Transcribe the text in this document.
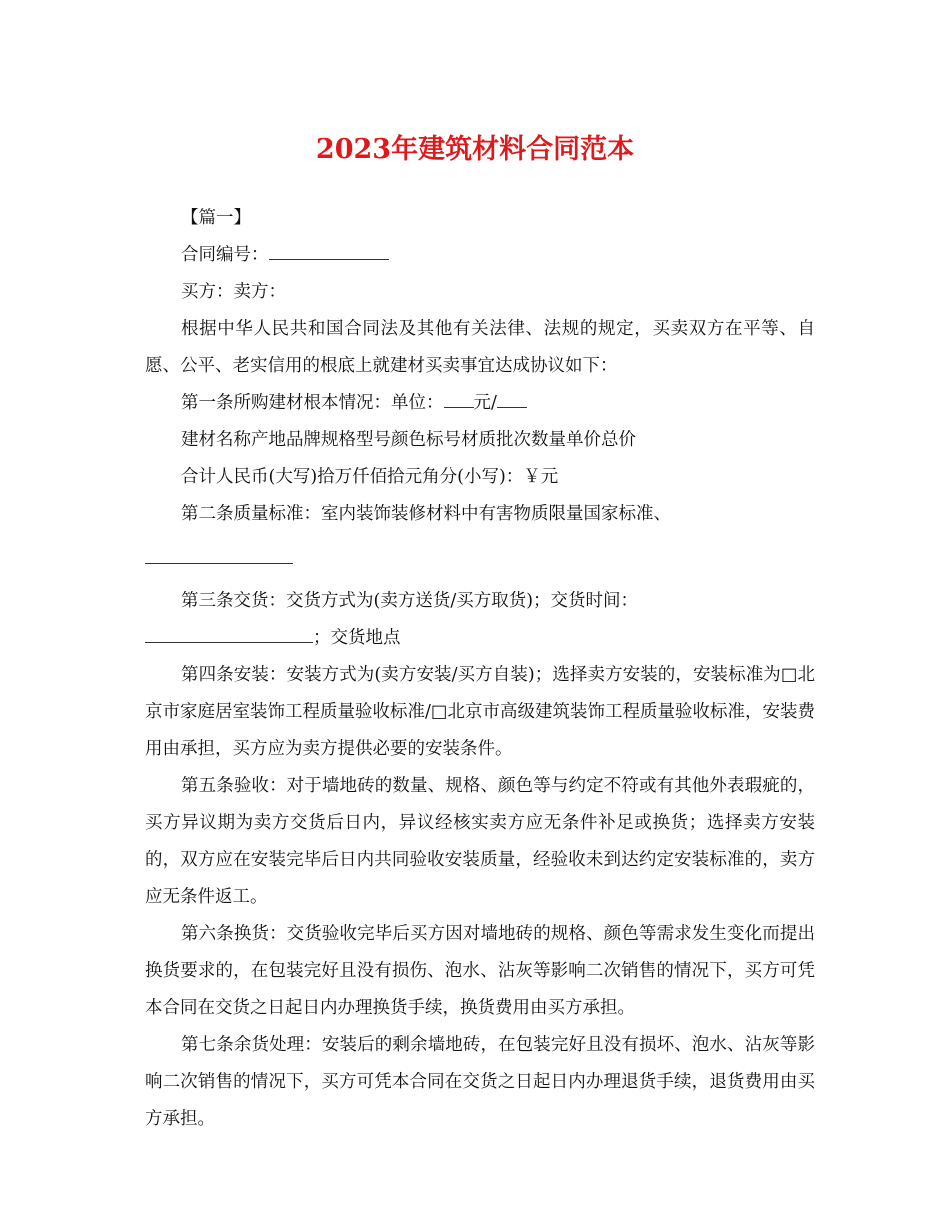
2023年建筑材料合同范本

【篇一】

合同编号：

买方：卖方：

根据中华人民共和国合同法及其他有关法律、法规的规定，买卖双方在平等、自愿、公平、老实信用的根底上就建材买卖事宜达成协议如下：

第一条所购建材根本情况：单位： 元/

建材名称产地品牌规格型号颜色标号材质批次数量单价总价

合计人民币(大写)拾万仟佰拾元角分(小写)：￥元

第二条质量标准：室内装饰装修材料中有害物质限量国家标准、

第三条交货：交货方式为(卖方送货/买方取货)；交货时间：

；交货地点

第四条安装：安装方式为(卖方安装/买方自装)；选择卖方安装的，安装标准为□北京市家庭居室装饰工程质量验收标准/□北京市高级建筑装饰工程质量验收标准，安装费用由承担，买方应为卖方提供必要的安装条件。

第五条验收：对于墙地砖的数量、规格、颜色等与约定不符或有其他外表瑕疵的，买方异议期为卖方交货后日内，异议经核实卖方应无条件补足或换货；选择卖方安装的，双方应在安装完毕后日内共同验收安装质量，经验收未到达约定安装标准的，卖方应无条件返工。

第六条换货：交货验收完毕后买方因对墙地砖的规格、颜色等需求发生变化而提出换货要求的，在包装完好且没有损伤、泡水、沾灰等影响二次销售的情况下，买方可凭本合同在交货之日起日内办理换货手续，换货费用由买方承担。

第七条余货处理：安装后的剩余墙地砖，在包装完好且没有损坏、泡水、沾灰等影响二次销售的情况下，买方可凭本合同在交货之日起日内办理退货手续，退货费用由买方承担。
